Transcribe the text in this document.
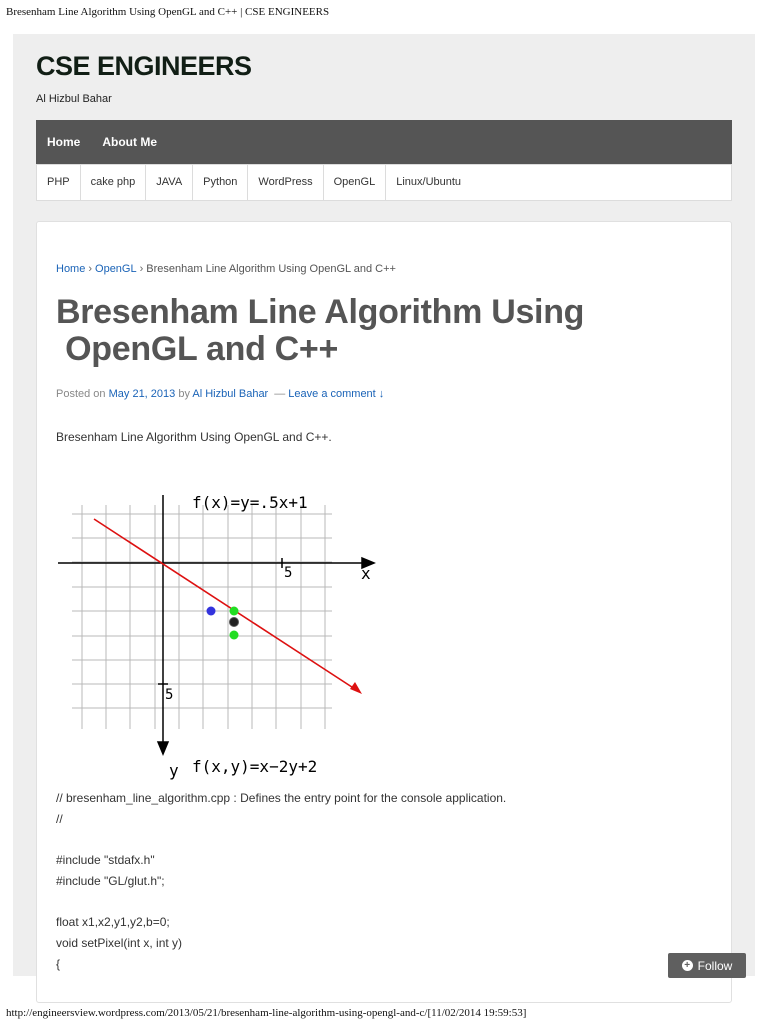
Bresenham Line Algorithm Using OpenGL and C++ | CSE ENGINEERS
CSE ENGINEERS
Al Hizbul Bahar
Home	About Me
PHP	cake php	JAVA	Python	WordPress	OpenGL	Linux/Ubuntu
Home › OpenGL › Bresenham Line Algorithm Using OpenGL and C++
Bresenham Line Algorithm Using
OpenGL and C++
Posted on May 21, 2013 by Al Hizbul Bahar — Leave a comment ↓

Bresenham Line Algorithm Using OpenGL and C++.

f(x)=y=.5x+1
f(x,y)=x−2y+2
5
5
x
y
// bresenham_line_algorithm.cpp : Defines the entry point for the console application.
//
#include "stdafx.h"
#include "GL/glut.h";
float x1,x2,y1,y2,b=0;
void setPixel(int x, int y)
{	+ Follow
http://engineersview.wordpress.com/2013/05/21/bresenham-line-algorithm-using-opengl-and-c/[11/02/2014 19:59:53]
